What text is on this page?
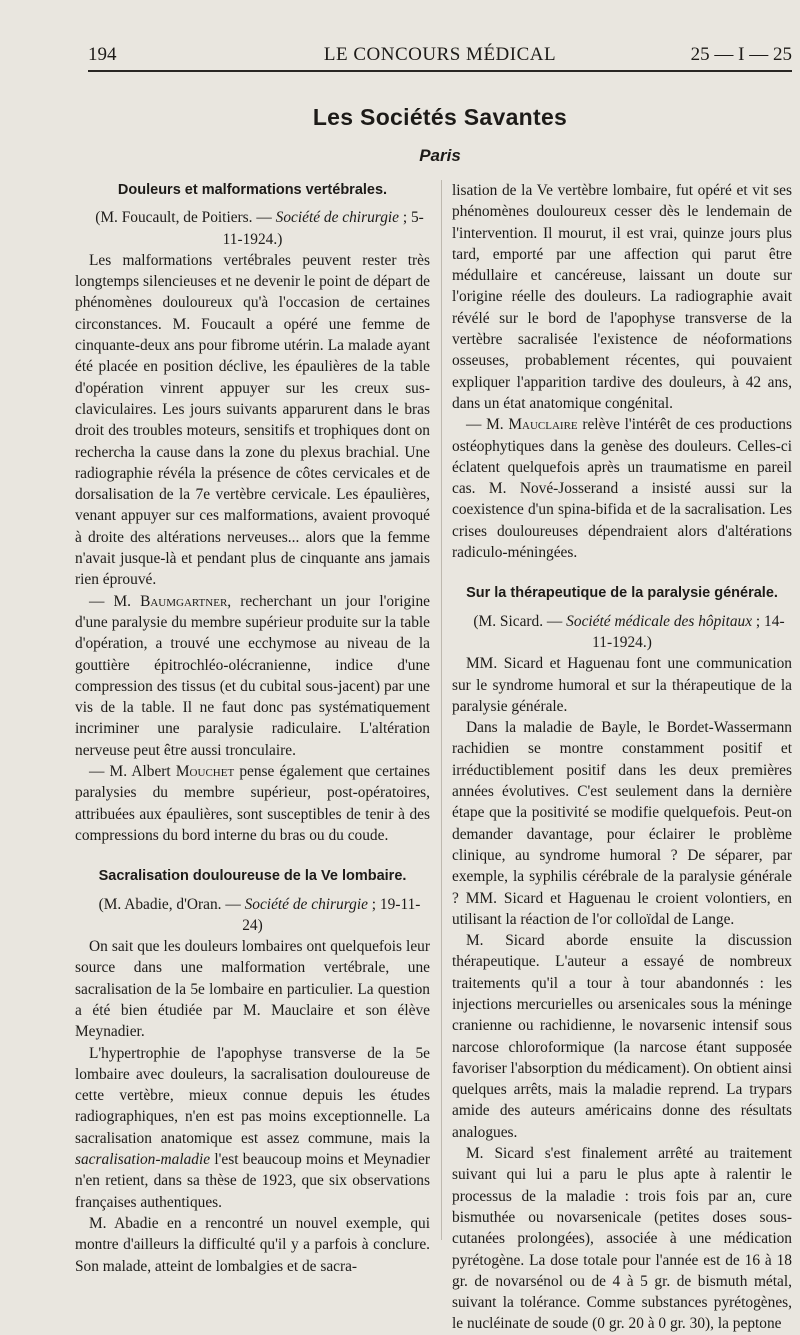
194	LE CONCOURS MÉDICAL	25 — I — 25
Les Sociétés Savantes
Paris
Douleurs et malformations vertébrales.

(M. Foucault, de Poitiers. — Société de chirurgie ; 5-11-1924.)

Les malformations vertébrales peuvent rester très longtemps silencieuses et ne devenir le point de départ de phénomènes douloureux qu'à l'occasion de certaines circonstances. M. Foucault a opéré une femme de cinquante-deux ans pour fibrome utérin. La malade ayant été placée en position déclive, les épaulières de la table d'opération vinrent appuyer sur les creux sus-claviculaires. Les jours suivants apparurent dans le bras droit des troubles moteurs, sensitifs et trophiques dont on rechercha la cause dans la zone du plexus brachial. Une radiographie révéla la présence de côtes cervicales et de dorsalisation de la 7e vertèbre cervicale. Les épaulières, venant appuyer sur ces malformations, avaient provoqué à droite des altérations nerveuses... alors que la femme n'avait jusque-là et pendant plus de cinquante ans jamais rien éprouvé.

— M. Baumgartner, recherchant un jour l'origine d'une paralysie du membre supérieur produite sur la table d'opération, a trouvé une ecchymose au niveau de la gouttière épitrochléo-olécranienne, indice d'une compression des tissus (et du cubital sous-jacent) par une vis de la table. Il ne faut donc pas systématiquement incriminer une paralysie radiculaire. L'altération nerveuse peut être aussi tronculaire.

— M. Albert Mouchet pense également que certaines paralysies du membre supérieur, post-opératoires, attribuées aux épaulières, sont susceptibles de tenir à des compressions du bord interne du bras ou du coude.

Sacralisation douloureuse de la Ve lombaire.

(M. Abadie, d'Oran. — Société de chirurgie ; 19-11-24)

On sait que les douleurs lombaires ont quelquefois leur source dans une malformation vertébrale, une sacralisation de la 5e lombaire en particulier. La question a été bien étudiée par M. Mauclaire et son élève Meynadier.

L'hypertrophie de l'apophyse transverse de la 5e lombaire avec douleurs, la sacralisation douloureuse de cette vertèbre, mieux connue depuis les études radiographiques, n'en est pas moins exceptionnelle. La sacralisation anatomique est assez commune, mais la sacralisation-maladie l'est beaucoup moins et Meynadier n'en retient, dans sa thèse de 1923, que six observations françaises authentiques.

M. Abadie en a rencontré un nouvel exemple, qui montre d'ailleurs la difficulté qu'il y a parfois à conclure. Son malade, atteint de lombalgies et de sacra-

lisation de la Ve vertèbre lombaire, fut opéré et vit ses phénomènes douloureux cesser dès le lendemain de l'intervention. Il mourut, il est vrai, quinze jours plus tard, emporté par une affection qui parut être médullaire et cancéreuse, laissant un doute sur l'origine réelle des douleurs. La radiographie avait révélé sur le bord de l'apophyse transverse de la vertèbre sacralisée l'existence de néoformations osseuses, probablement récentes, qui pouvaient expliquer l'apparition tardive des douleurs, à 42 ans, dans un état anatomique congénital.

— M. Mauclaire relève l'intérêt de ces productions ostéophytiques dans la genèse des douleurs. Celles-ci éclatent quelquefois après un traumatisme en pareil cas. M. Nové-Josserand a insisté aussi sur la coexistence d'un spina-bifida et de la sacralisation. Les crises douloureuses dépendraient alors d'altérations radiculo-méningées.

Sur la thérapeutique de la paralysie générale.

(M. Sicard. — Société médicale des hôpitaux ; 14-11-1924.)

MM. Sicard et Haguenau font une communication sur le syndrome humoral et sur la thérapeutique de la paralysie générale.

Dans la maladie de Bayle, le Bordet-Wassermann rachidien se montre constamment positif et irréductiblement positif dans les deux premières années évolutives. C'est seulement dans la dernière étape que la positivité se modifie quelquefois. Peut-on demander davantage, pour éclairer le problème clinique, au syndrome humoral ? De séparer, par exemple, la syphilis cérébrale de la paralysie générale ? MM. Sicard et Haguenau le croient volontiers, en utilisant la réaction de l'or colloïdal de Lange.

M. Sicard aborde ensuite la discussion thérapeutique. L'auteur a essayé de nombreux traitements qu'il a tour à tour abandonnés : les injections mercurielles ou arsenicales sous la méninge cranienne ou rachidienne, le novarsenic intensif sous narcose chloroformique (la narcose étant supposée favoriser l'absorption du médicament). On obtient ainsi quelques arrêts, mais la maladie reprend. La trypars amide des auteurs américains donne des résultats analogues.

M. Sicard s'est finalement arrêté au traitement suivant qui lui a paru le plus apte à ralentir le processus de la maladie : trois fois par an, cure bismuthée ou novarsenicale (petites doses sous-cutanées prolongées), associée à une médication pyrétogène. La dose totale pour l'année est de 16 à 18 gr. de novarsénol ou de 4 à 5 gr. de bismuth métal, suivant la tolérance. Comme substances pyrétogènes, le nucléinate de soude (0 gr. 20 à 0 gr. 30), la peptone
